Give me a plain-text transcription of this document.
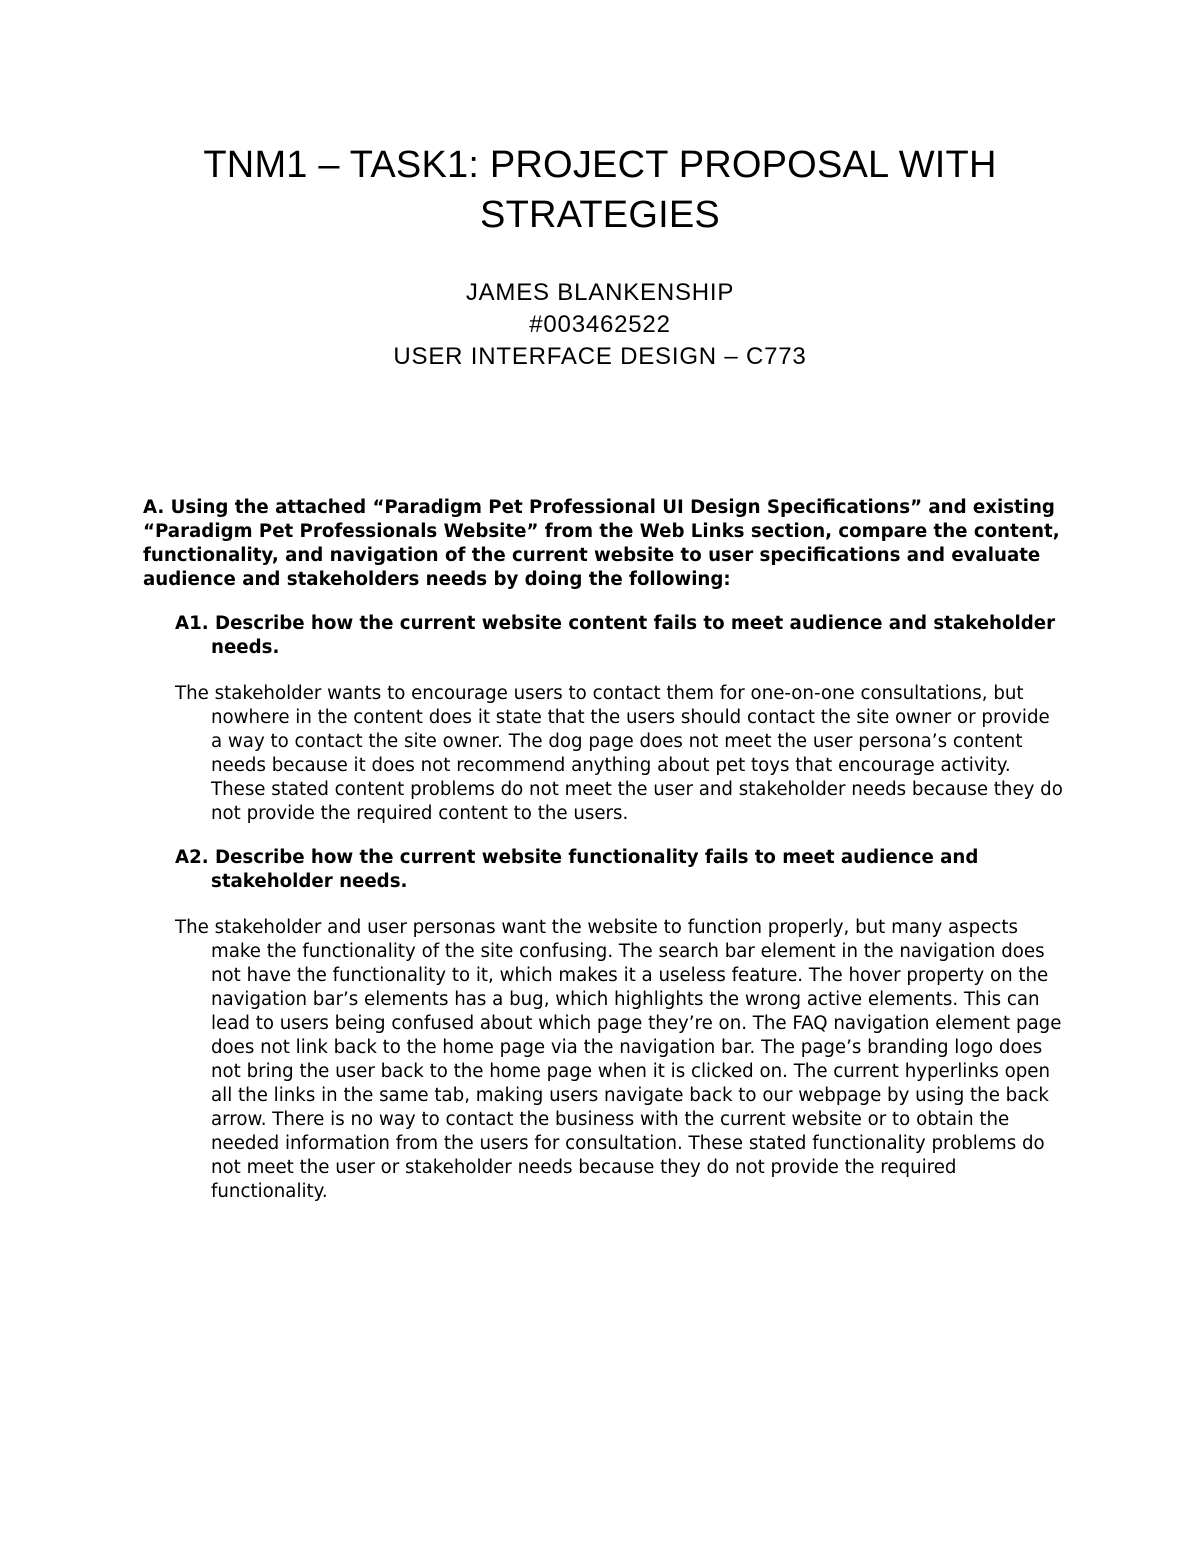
TNM1 – TASK1: PROJECT PROPOSAL WITH
STRATEGIES
JAMES BLANKENSHIP
#003462522
USER INTERFACE DESIGN – C773

A. Using the attached “Paradigm Pet Professional UI Design Specifications” and existing “Paradigm Pet Professionals Website” from the Web Links section, compare the content, functionality, and navigation of the current website to user specifications and evaluate audience and stakeholders needs by doing the following:

A1. Describe how the current website content fails to meet audience and stakeholder needs.

The stakeholder wants to encourage users to contact them for one-on-one consultations, but nowhere in the content does it state that the users should contact the site owner or provide a way to contact the site owner. The dog page does not meet the user persona’s content needs because it does not recommend anything about pet toys that encourage activity. These stated content problems do not meet the user and stakeholder needs because they do not provide the required content to the users.

A2. Describe how the current website functionality fails to meet audience and stakeholder needs.

The stakeholder and user personas want the website to function properly, but many aspects make the functionality of the site confusing. The search bar element in the navigation does not have the functionality to it, which makes it a useless feature. The hover property on the navigation bar’s elements has a bug, which highlights the wrong active elements. This can lead to users being confused about which page they’re on. The FAQ navigation element page does not link back to the home page via the navigation bar. The page’s branding logo does not bring the user back to the home page when it is clicked on. The current hyperlinks open all the links in the same tab, making users navigate back to our webpage by using the back arrow. There is no way to contact the business with the current website or to obtain the needed information from the users for consultation. These stated functionality problems do not meet the user or stakeholder needs because they do not provide the required functionality.
